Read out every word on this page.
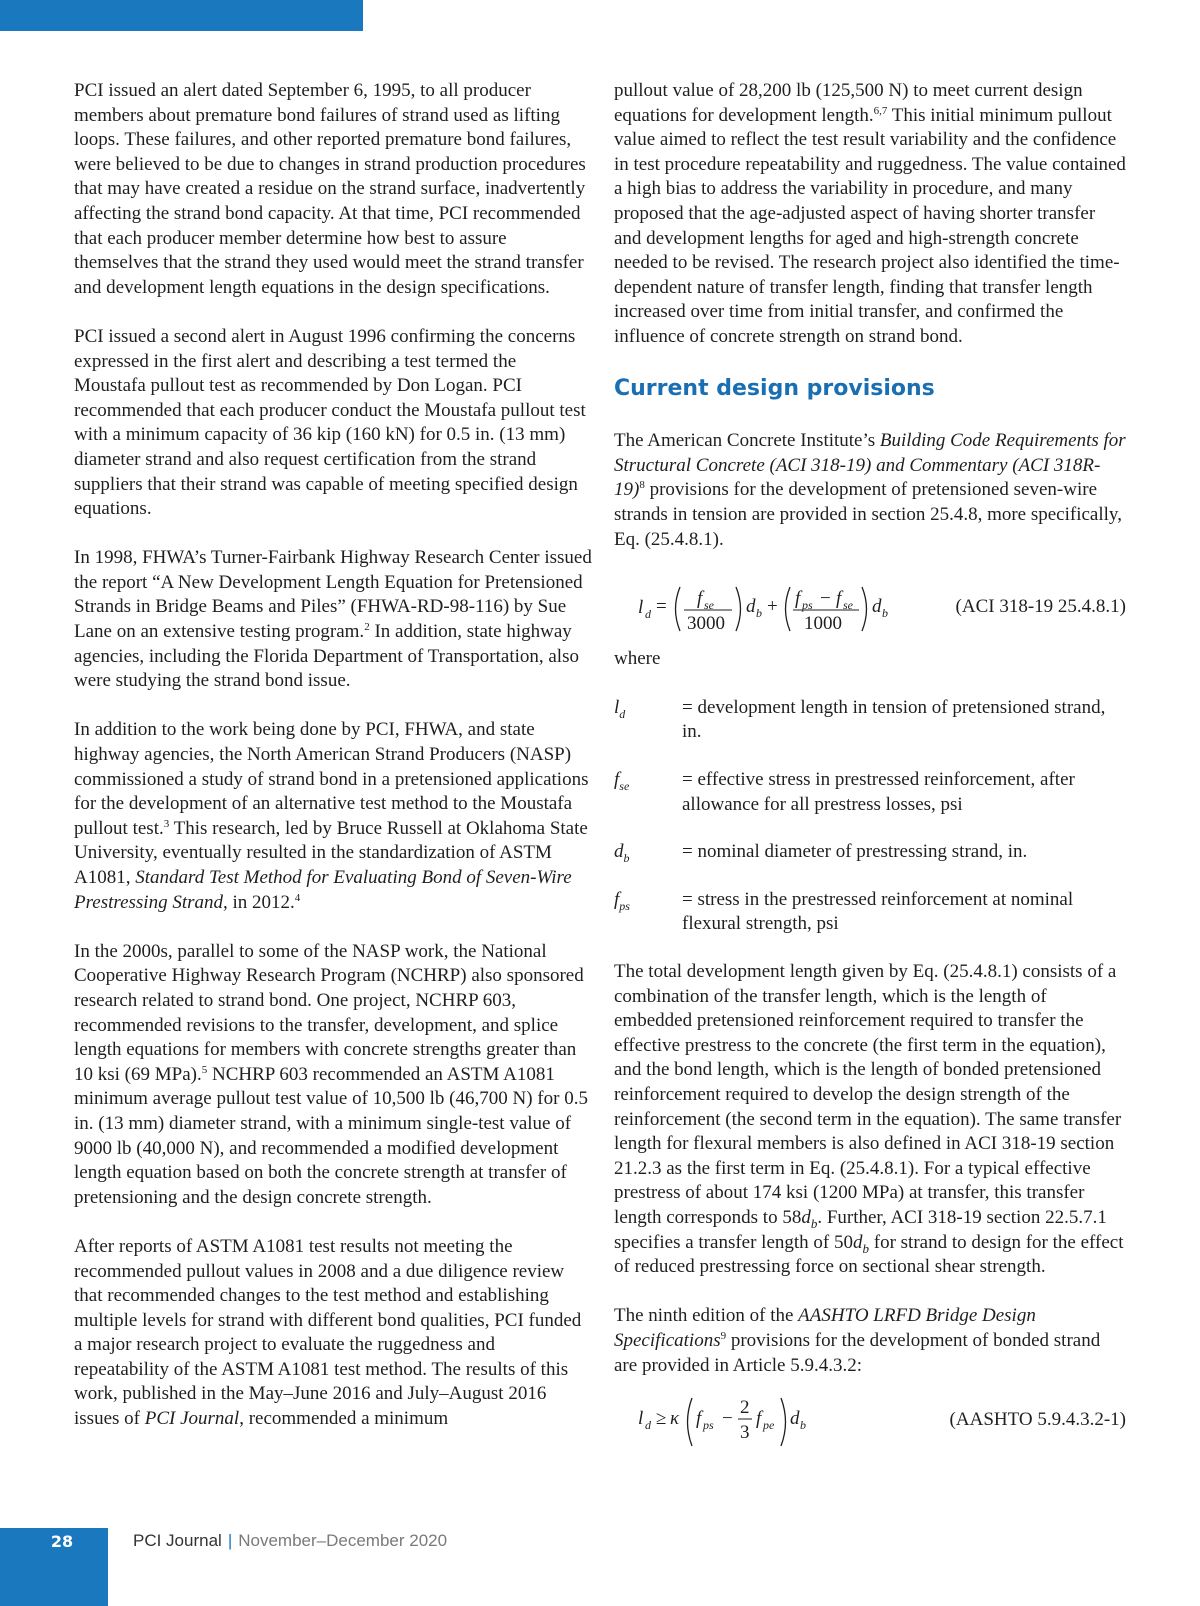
PCI issued an alert dated September 6, 1995, to all producer members about premature bond failures of strand used as lifting loops. These failures, and other reported premature bond failures, were believed to be due to changes in strand production procedures that may have created a residue on the strand surface, inadvertently affecting the strand bond capacity. At that time, PCI recommended that each producer member determine how best to assure themselves that the strand they used would meet the strand transfer and development length equations in the design specifications.

PCI issued a second alert in August 1996 confirming the concerns expressed in the first alert and describing a test termed the Moustafa pullout test as recommended by Don Logan. PCI recommended that each producer conduct the Moustafa pullout test with a minimum capacity of 36 kip (160 kN) for 0.5 in. (13 mm) diameter strand and also request certification from the strand suppliers that their strand was capable of meeting specified design equations.

In 1998, FHWA’s Turner-Fairbank Highway Research Center issued the report “A New Development Length Equation for Pretensioned Strands in Bridge Beams and Piles” (FHWA-RD-98-116) by Sue Lane on an extensive testing program.$^2$ In addition, state highway agencies, including the Florida Department of Transportation, also were studying the strand bond issue.

In addition to the work being done by PCI, FHWA, and state highway agencies, the North American Strand Producers (NASP) commissioned a study of strand bond in a pretensioned applications for the development of an alternative test method to the Moustafa pullout test.$^3$ This research, led by Bruce Russell at Oklahoma State University, eventually resulted in the standardization of ASTM A1081, Standard Test Method for Evaluating Bond of Seven-Wire Prestressing Strand, in 2012.$^4$

In the 2000s, parallel to some of the NASP work, the National Cooperative Highway Research Program (NCHRP) also sponsored research related to strand bond. One project, NCHRP 603, recommended revisions to the transfer, development, and splice length equations for members with concrete strengths greater than 10 ksi (69 MPa).$^5$ NCHRP 603 recommended an ASTM A1081 minimum average pullout test value of 10,500 lb (46,700 N) for 0.5 in. (13 mm) diameter strand, with a minimum single-test value of 9000 lb (40,000 N), and recommended a modified development length equation based on both the concrete strength at transfer of pretensioning and the design concrete strength.

After reports of ASTM A1081 test results not meeting the recommended pullout values in 2008 and a due diligence review that recommended changes to the test method and establishing multiple levels for strand with different bond qualities, PCI funded a major research project to evaluate the ruggedness and repeatability of the ASTM A1081 test method. The results of this work, published in the May–June 2016 and July–August 2016 issues of PCI Journal, recommended a minimum

pullout value of 28,200 lb (125,500 N) to meet current design equations for development length.$^{6,7}$ This initial minimum pullout value aimed to reflect the test result variability and the confidence in test procedure repeatability and ruggedness. The value contained a high bias to address the variability in procedure, and many proposed that the age-adjusted aspect of having shorter transfer and development lengths for aged and high-strength concrete needed to be revised. The research project also identified the time-dependent nature of transfer length, finding that transfer length increased over time from initial transfer, and confirmed the influence of concrete strength on strand bond.

Current design provisions

The American Concrete Institute’s Building Code Requirements for Structural Concrete (ACI 318-19) and Commentary (ACI 318R-19)$^8$ provisions for the development of pretensioned seven-wire strands in tension are provided in section 25.4.8, more specifically, Eq. (25.4.8.1).

l d = f se
3000
d b + f ps − f se
1000
d b	(ACI 318-19 25.4.8.1)

where

$l_d$	= development length in tension of pretensioned strand, in.
$f_{se}$	= effective stress in prestressed reinforcement, after allowance for all prestress losses, psi
$d_b$	= nominal diameter of prestressing strand, in.
$f_{ps}$	= stress in the prestressed reinforcement at nominal flexural strength, psi

The total development length given by Eq. (25.4.8.1) consists of a combination of the transfer length, which is the length of embedded pretensioned reinforcement required to transfer the effective prestress to the concrete (the first term in the equation), and the bond length, which is the length of bonded pretensioned reinforcement required to develop the design strength of the reinforcement (the second term in the equation). The same transfer length for flexural members is also defined in ACI 318-19 section 21.2.3 as the first term in Eq. (25.4.8.1). For a typical effective prestress of about 174 ksi (1200 MPa) at transfer, this transfer length corresponds to $58d_b$. Further, ACI 318-19 section 22.5.7.1 specifies a transfer length of $50d_b$ for strand to design for the effect of reduced prestressing force on sectional shear strength.

The ninth edition of the AASHTO LRFD Bridge Design Specifications$^9$ provisions for the development of bonded strand are provided in Article 5.9.4.3.2:

l d ≥ κ f ps −
2
3
f pe d b	(AASHTO 5.9.4.3.2-1)
28	PCI Journal | November–December 2020
